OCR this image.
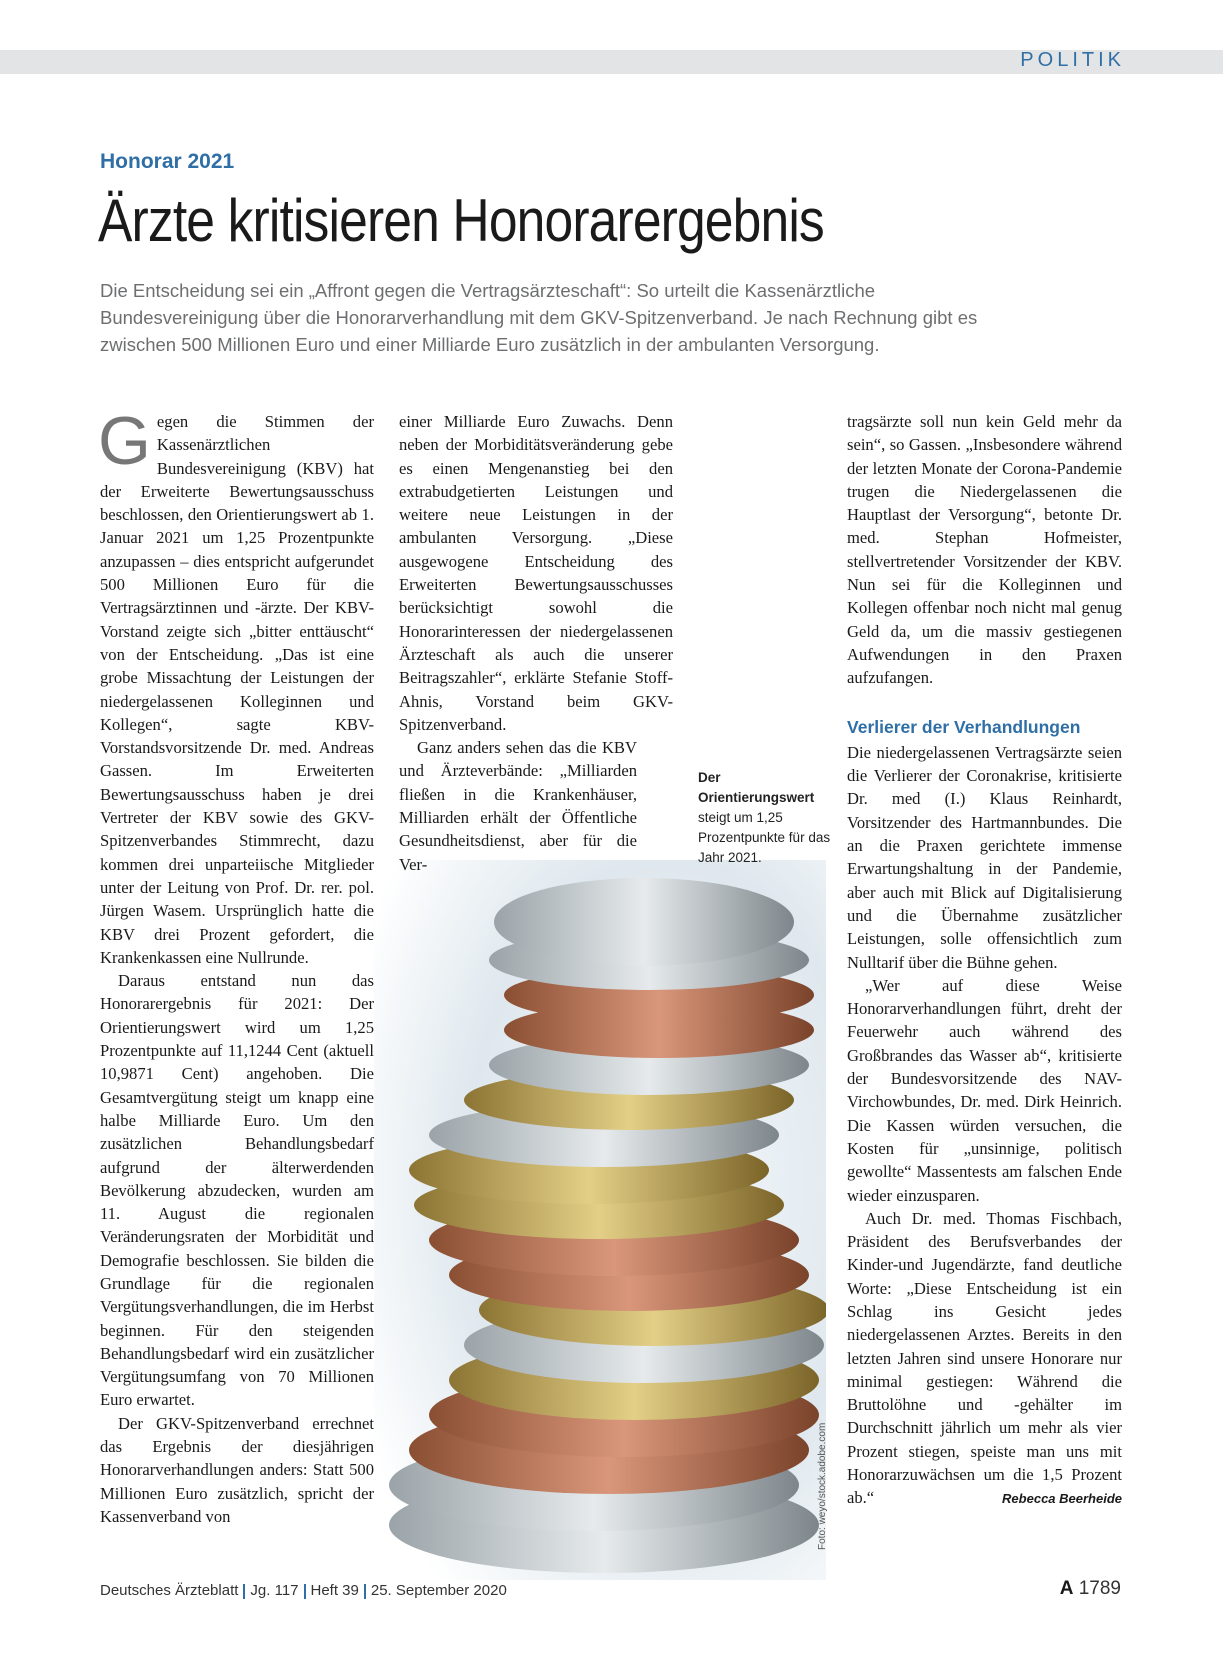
POLITIK
Honorar 2021
Ärzte kritisieren Honorarergebnis
Die Entscheidung sei ein „Affront gegen die Vertragsärzteschaft“: So urteilt die Kassenärztliche Bundesvereinigung über die Honorarverhandlung mit dem GKV-Spitzenverband. Je nach Rechnung gibt es zwischen 500 Millionen Euro und einer Milliarde Euro zusätzlich in der ambulanten Versorgung.
Foto: weyo/stock.adobe.com
G egen die Stimmen der Kassenärztlichen Bundesvereinigung (KBV) hat der Erweiterte Bewertungsausschuss beschlossen, den Orientierungswert ab 1. Januar 2021 um 1,25 Prozentpunkte anzupassen – dies entspricht aufgerundet 500 Millionen Euro für die Vertragsärztinnen und -ärzte. Der KBV-Vorstand zeigte sich „bitter enttäuscht“ von der Entscheidung. „Das ist eine grobe Missachtung der Leistungen der niedergelassenen Kolleginnen und Kollegen“, sagte KBV-Vorstandsvorsitzende Dr. med. Andreas Gassen. Im Erweiterten Bewertungsausschuss haben je drei Vertreter der KBV sowie des GKV-Spitzenverbandes Stimmrecht, dazu kommen drei unparteiische Mitglieder unter der Leitung von Prof. Dr. rer. pol. Jürgen Wasem. Ursprünglich hatte die KBV drei Prozent gefordert, die Krankenkassen eine Nullrunde.

Daraus entstand nun das Honorarergebnis für 2021: Der Orientierungswert wird um 1,25 Prozentpunkte auf 11,1244 Cent (aktuell 10,9871 Cent) angehoben. Die Gesamtvergütung steigt um knapp eine halbe Milliarde Euro. Um den zusätzlichen Behandlungsbedarf aufgrund der älterwerdenden Bevölkerung abzudecken, wurden am 11. August die regionalen Veränderungsraten der Morbidität und Demografie beschlossen. Sie bilden die Grundlage für die regionalen Vergütungsverhandlungen, die im Herbst beginnen. Für den steigenden Behandlungsbedarf wird ein zusätzlicher Vergütungsumfang von 70 Millionen Euro erwartet.

Der GKV-Spitzenverband errechnet das Ergebnis der diesjährigen Honorarverhandlungen anders: Statt 500 Millionen Euro zusätzlich, spricht der Kassenverband von

einer Milliarde Euro Zuwachs. Denn neben der Morbiditätsveränderung gebe es einen Mengenanstieg bei den extrabudgetierten Leistungen und weitere neue Leistungen in der ambulanten Versorgung. „Diese ausgewogene Entscheidung des Erweiterten Bewertungsausschusses berücksichtigt sowohl die Honorarinteressen der niedergelassenen Ärzteschaft als auch die unserer Beitragszahler“, erklärte Stefanie Stoff-Ahnis, Vorstand beim GKV-Spitzenverband.

Ganz anders sehen das die KBV und Ärzteverbände: „Milliarden fließen in die Krankenhäuser, Milliarden erhält der Öffentliche Gesundheitsdienst, aber für die Ver-

Der Orientierungswert steigt um 1,25 Prozentpunkte für das Jahr 2021.

tragsärzte soll nun kein Geld mehr da sein“, so Gassen. „Insbesondere während der letzten Monate der Corona-Pandemie trugen die Niedergelassenen die Hauptlast der Versorgung“, betonte Dr. med. Stephan Hofmeister, stellvertretender Vorsitzender der KBV. Nun sei für die Kolleginnen und Kollegen offenbar noch nicht mal genug Geld da, um die massiv gestiegenen Aufwendungen in den Praxen aufzufangen.

Verlierer der Verhandlungen

Die niedergelassenen Vertragsärzte seien die Verlierer der Coronakrise, kritisierte Dr. med (I.) Klaus Reinhardt, Vorsitzender des Hartmannbundes. Die an die Praxen gerichtete immense Erwartungshaltung in der Pandemie, aber auch mit Blick auf Digitalisierung und die Übernahme zusätzlicher Leistungen, solle offensichtlich zum Nulltarif über die Bühne gehen.

„Wer auf diese Weise Honorarverhandlungen führt, dreht der Feuerwehr auch während des Großbrandes das Wasser ab“, kritisierte der Bundesvorsitzende des NAV-Virchowbundes, Dr. med. Dirk Heinrich. Die Kassen würden versuchen, die Kosten für „unsinnige, politisch gewollte“ Massentests am falschen Ende wieder einzusparen.

Auch Dr. med. Thomas Fischbach, Präsident des Berufsverbandes der Kinder-und Jugendärzte, fand deutliche Worte: „Diese Entscheidung ist ein Schlag ins Gesicht jedes niedergelassenen Arztes. Bereits in den letzten Jahren sind unsere Honorare nur minimal gestiegen: Während die Bruttolöhne und -gehälter im Durchschnitt jährlich um mehr als vier Prozent stiegen, speiste man uns mit Honorarzuwächsen um die 1,5 Prozent ab.“	Rebecca Beerheide
Deutsches Ärzteblatt Jg. 117 Heft 39 25. September 2020	A 1789
